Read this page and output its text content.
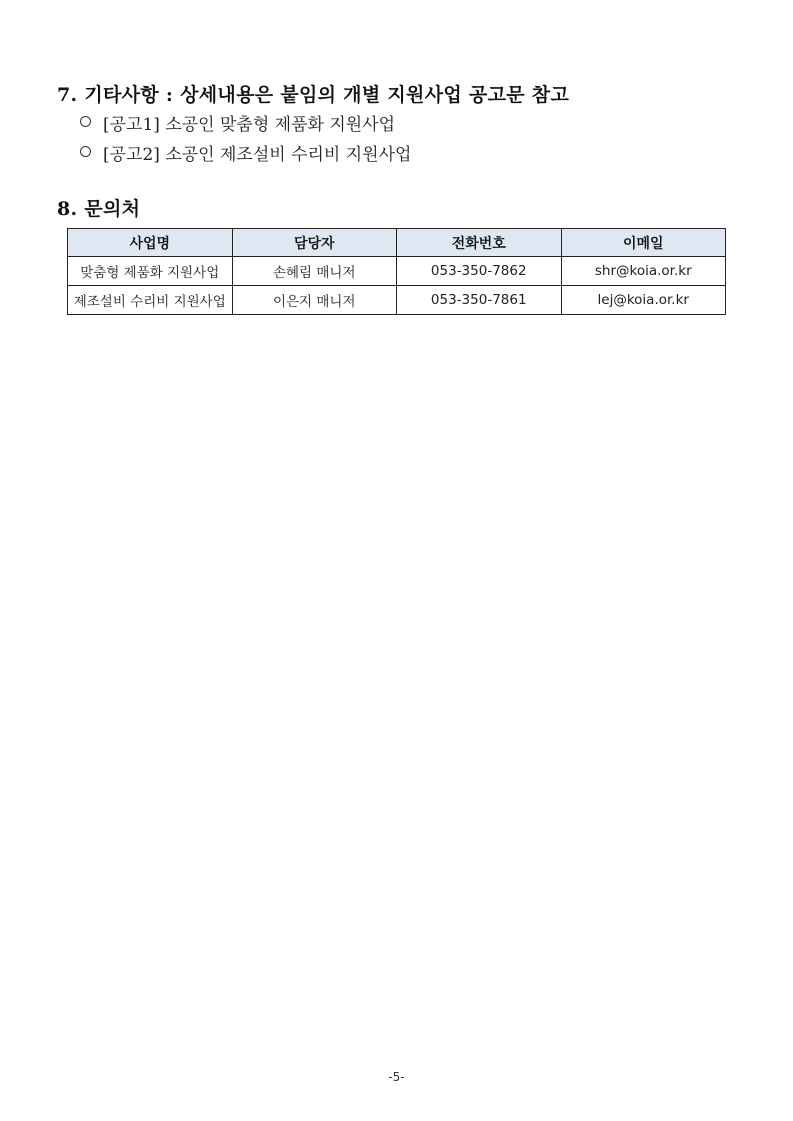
7. 기타사항 : 상세내용은 붙임의 개별 지원사업 공고문 참고
[공고1] 소공인 맞춤형 제품화 지원사업
[공고2] 소공인 제조설비 수리비 지원사업
8. 문의처
사업명	담당자	전화번호	이메일
맞춤형 제품화 지원사업	손혜림 매니저	053-350-7862	shr@koia.or.kr
제조설비 수리비 지원사업	이은지 매니저	053-350-7861	lej@koia.or.kr
-5-
